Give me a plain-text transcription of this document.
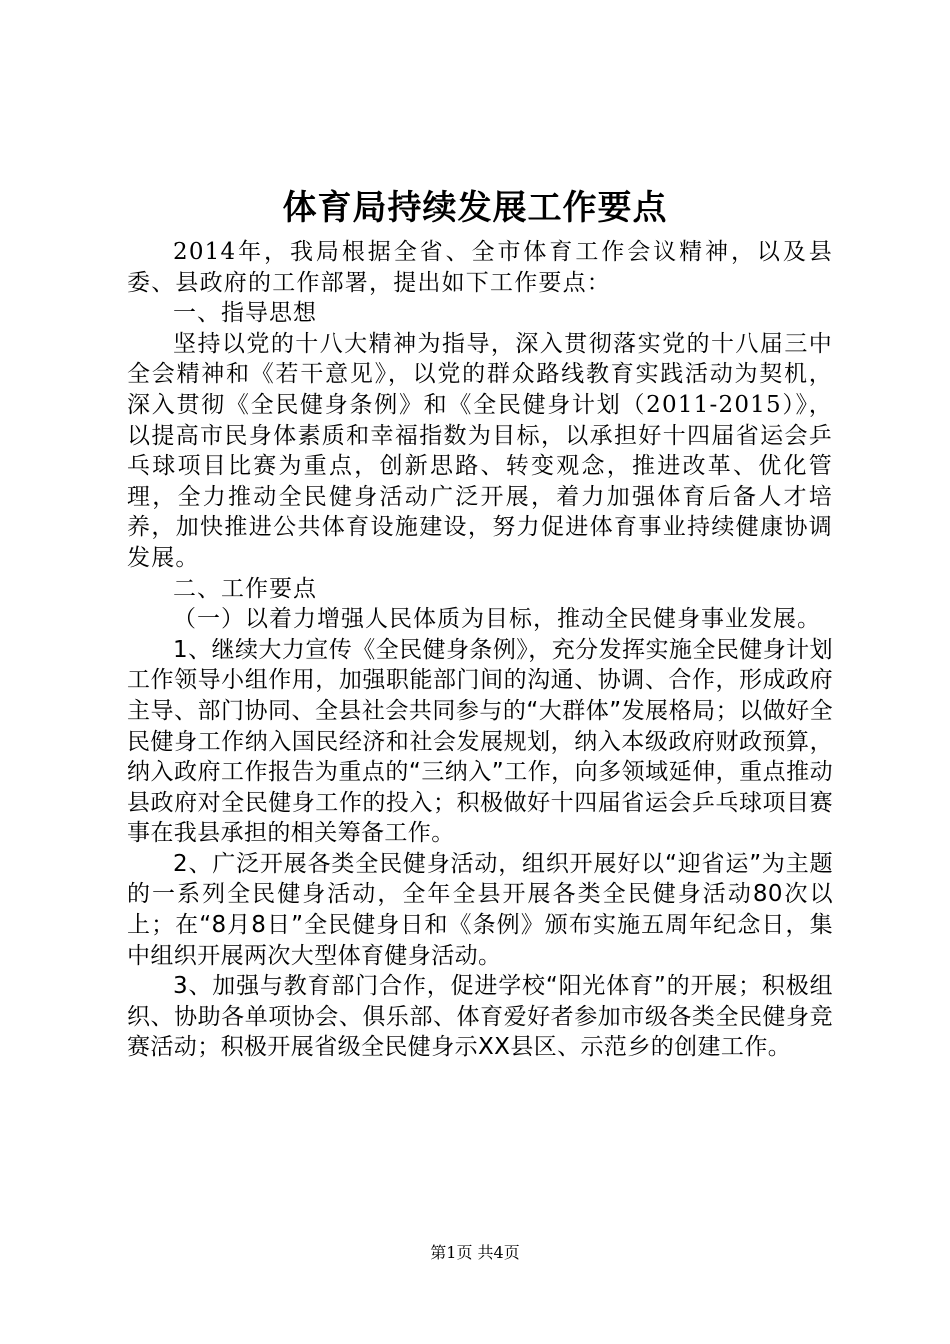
体育局持续发展工作要点

2014年，我局根据全省、全市体育工作会议精神，以及县委、县政府的工作部署，提出如下工作要点：

一、指导思想

坚持以党的十八大精神为指导，深入贯彻落实党的十八届三中全会精神和《若干意见》，以党的群众路线教育实践活动为契机，深入贯彻《全民健身条例》和《全民健身计划（2011-2015）》，以提高市民身体素质和幸福指数为目标，以承担好十四届省运会乒乓球项目比赛为重点，创新思路、转变观念，推进改革、优化管理，全力推动全民健身活动广泛开展，着力加强体育后备人才培养，加快推进公共体育设施建设，努力促进体育事业持续健康协调发展。

二、工作要点

（一）以着力增强人民体质为目标，推动全民健身事业发展。

1、继续大力宣传《全民健身条例》，充分发挥实施全民健身计划工作领导小组作用，加强职能部门间的沟通、协调、合作，形成政府主导、部门协同、全县社会共同参与的“大群体”发展格局；以做好全民健身工作纳入国民经济和社会发展规划，纳入本级政府财政预算，纳入政府工作报告为重点的“三纳入”工作，向多领域延伸，重点推动县政府对全民健身工作的投入；积极做好十四届省运会乒乓球项目赛事在我县承担的相关筹备工作。

2、广泛开展各类全民健身活动，组织开展好以“迎省运”为主题的一系列全民健身活动，全年全县开展各类全民健身活动80次以上；在“8月8日”全民健身日和《条例》颁布实施五周年纪念日，集中组织开展两次大型体育健身活动。

3、加强与教育部门合作，促进学校“阳光体育”的开展；积极组织、协助各单项协会、俱乐部、体育爱好者参加市级各类全民健身竞赛活动；积极开展省级全民健身示XX县区、示范乡的创建工作。

第1页 共4页
